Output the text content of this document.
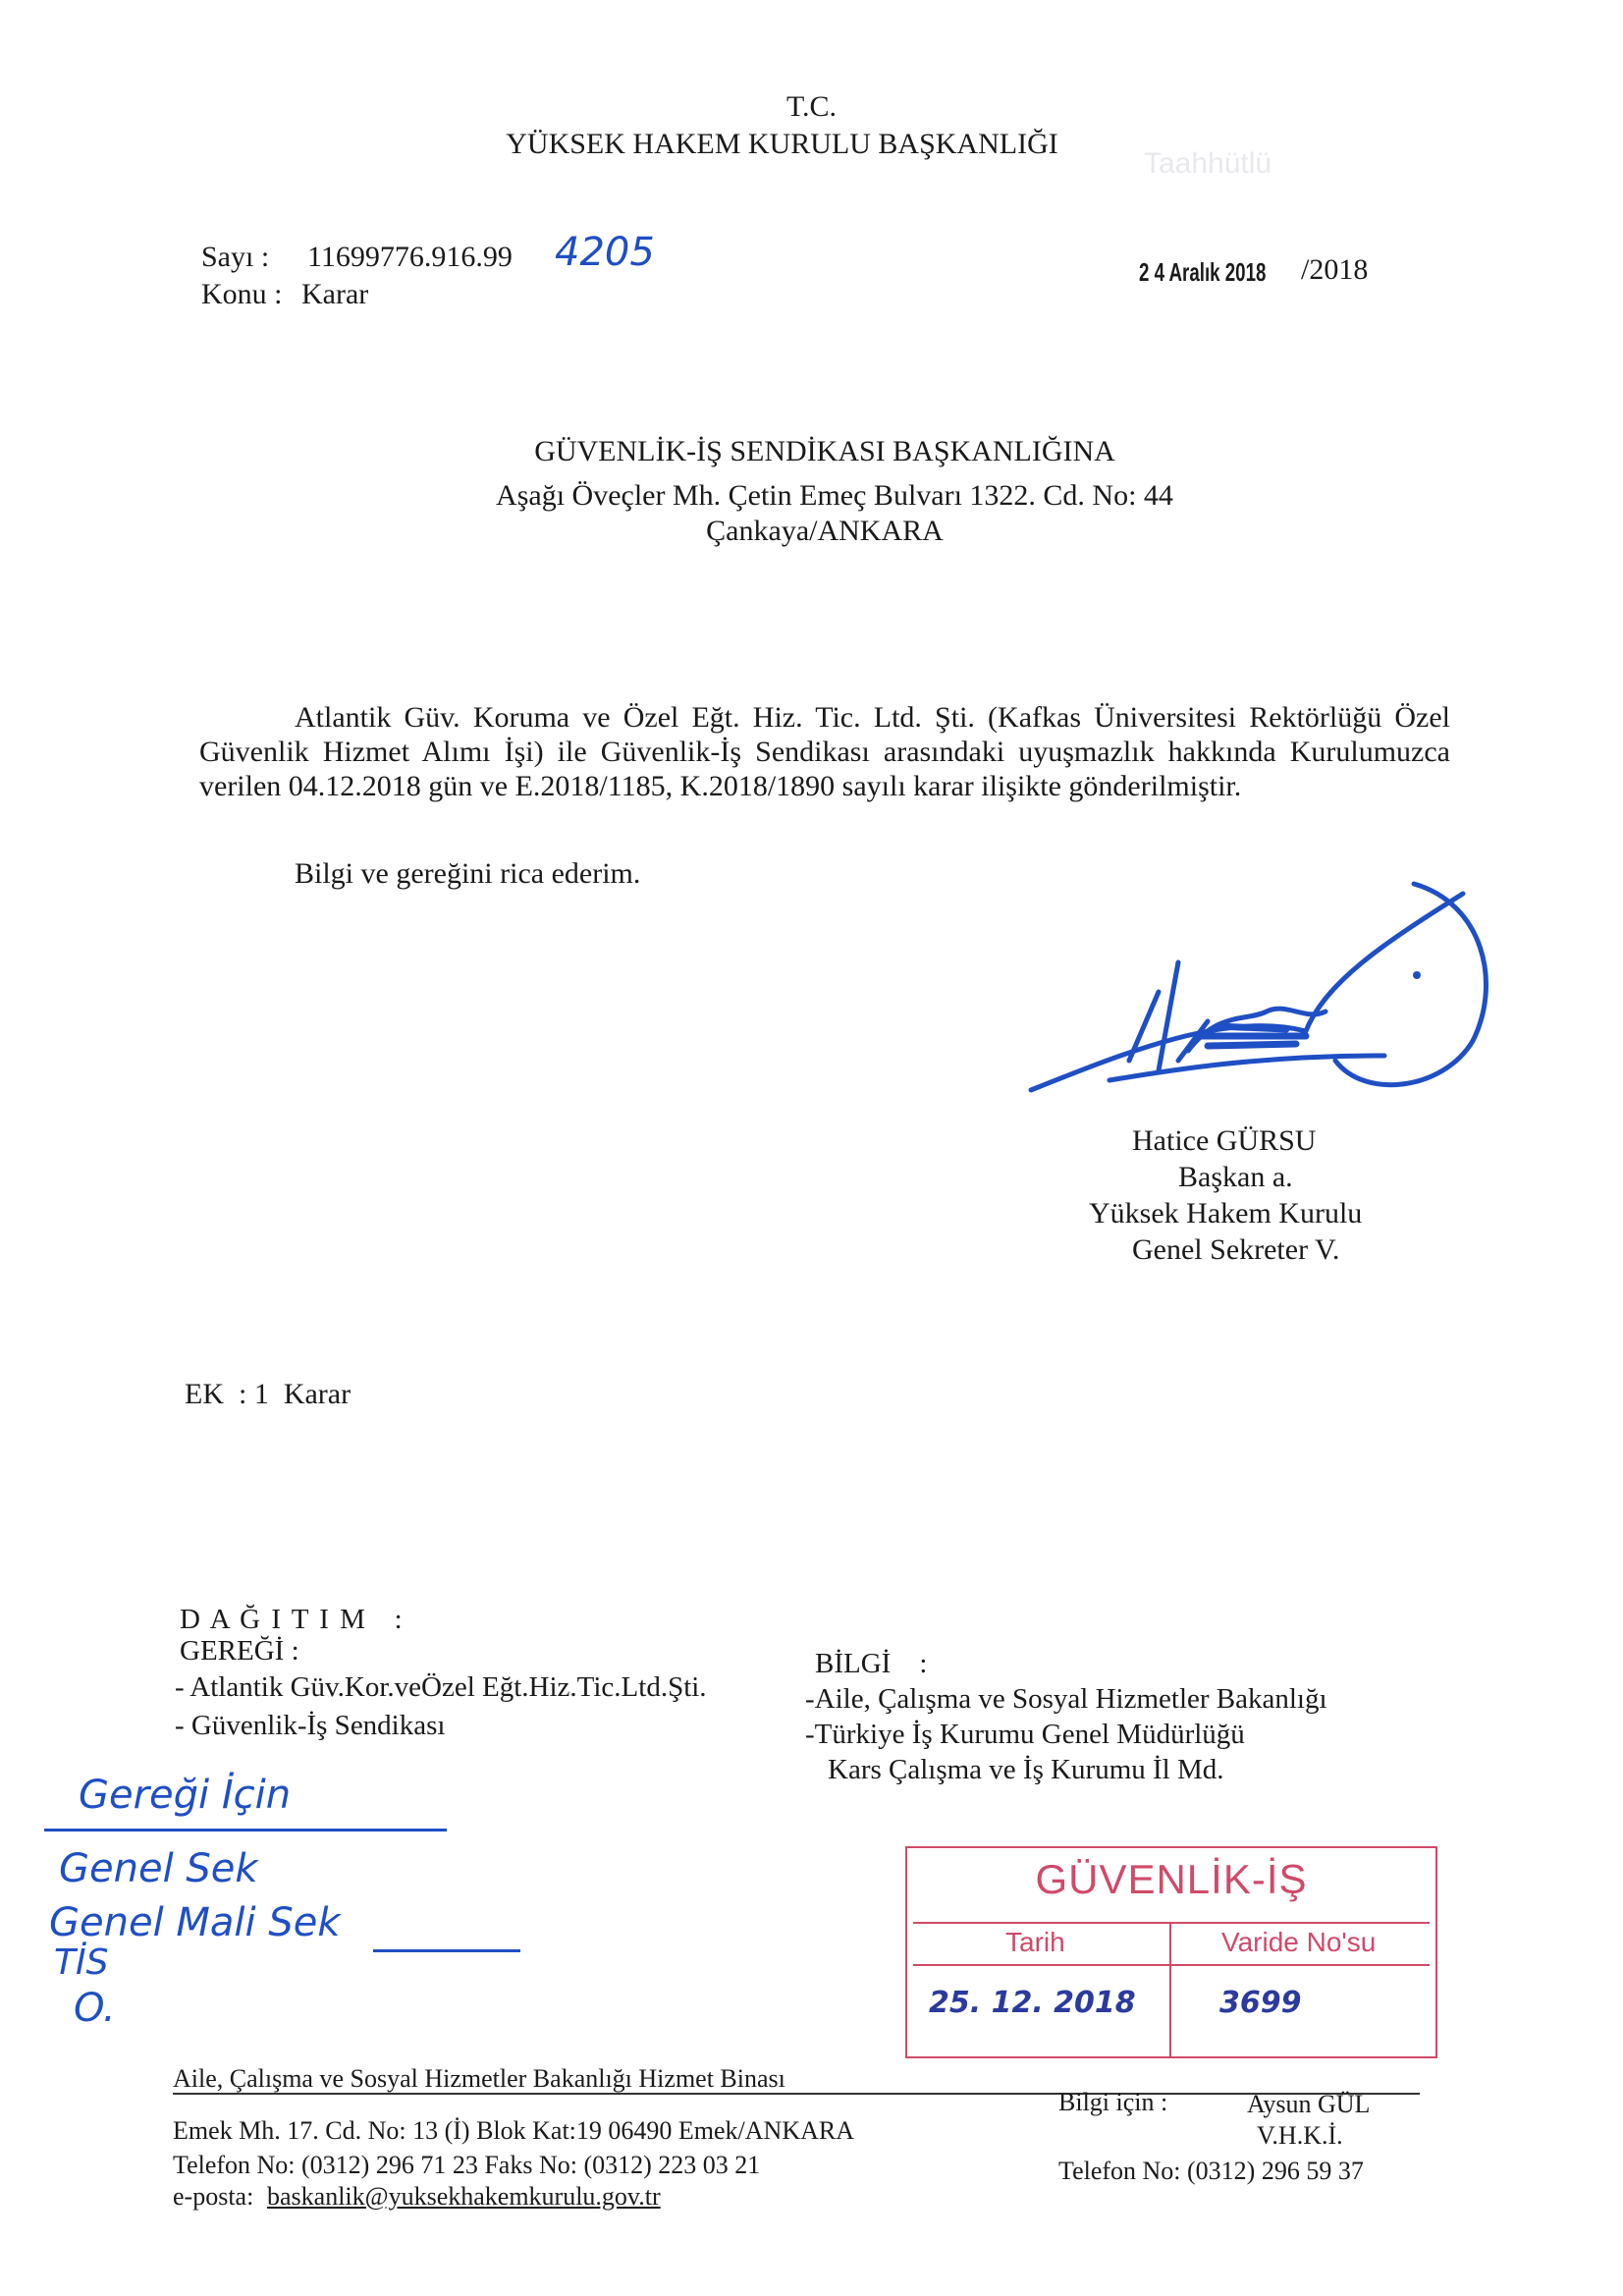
T.C.
YÜKSEK HAKEM KURULU BAŞKANLIĞI
Taahhütlü
Sayı : 11699776.916.99 4205
Konu : Karar
2 4 Aralık 2018 /2018
GÜVENLİK-İŞ SENDİKASI BAŞKANLIĞINA
Aşağı Öveçler Mh. Çetin Emeç Bulvarı 1322. Cd. No: 44
Çankaya/ANKARA

Atlantik Güv. Koruma ve Özel Eğt. Hiz. Tic. Ltd. Şti. (Kafkas Üniversitesi Rektörlüğü Özel Güvenlik Hizmet Alımı İşi) ile Güvenlik-İş Sendikası arasındaki uyuşmazlık hakkında Kurulumuzca verilen 04.12.2018 gün ve E.2018/1185, K.2018/1890 sayılı karar ilişikte gönderilmiştir.

Bilgi ve gereğini rica ederim.
Hatice GÜRSU
Başkan a.
Yüksek Hakem Kurulu
Genel Sekreter V.
EK  : 1  Karar
D A Ğ I T I M   :
GEREĞİ :
- Atlantik Güv.Kor.veÖzel Eğt.Hiz.Tic.Ltd.Şti.
- Güvenlik-İş Sendikası
BİLGİ    :
-Aile, Çalışma ve Sosyal Hizmetler Bakanlığı
-Türkiye İş Kurumu Genel Müdürlüğü
Kars Çalışma ve İş Kurumu İl Md.
Gereği İçin
Genel Sek
Genel Mali Sek
TİS
O.
GÜVENLİK-İŞ
Tarih	Varide No'su
25. 12. 2018	3699
Aile, Çalışma ve Sosyal Hizmetler Bakanlığı Hizmet Binası
Emek Mh. 17. Cd. No: 13 (İ) Blok Kat:19 06490 Emek/ANKARA
Telefon No: (0312) 296 71 23 Faks No: (0312) 223 03 21
e-posta: baskanlik@yuksekhakemkurulu.gov.tr
Bilgi için :	Aysun GÜL
V.H.K.İ.
Telefon No: (0312) 296 59 37
